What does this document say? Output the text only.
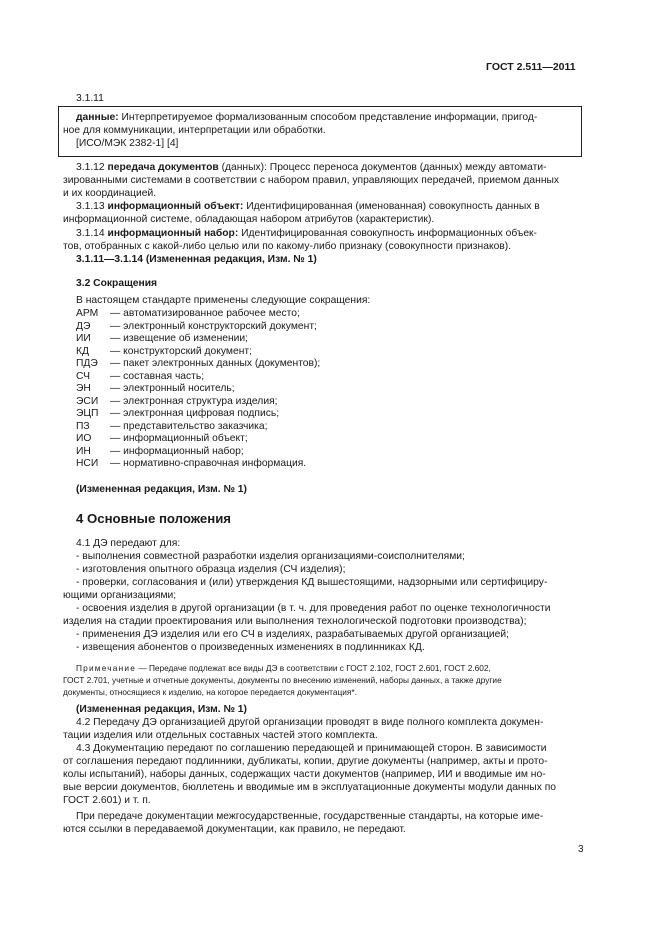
ГОСТ 2.511—2011
3.1.11
данные: Интерпретируемое формализованным способом представление информации, пригод-
ное для коммуникации, интерпретации или обработки.
[ИСО/МЭК 2382-1] [4]
3.1.12 передача документов (данных): Процесс переноса документов (данных) между автомати-
зированными системами в соответствии с набором правил, управляющих передачей, приемом данных
и их координацией.
3.1.13 информационный объект: Идентифицированная (именованная) совокупность данных в
информационной системе, обладающая набором атрибутов (характеристик).
3.1.14 информационный набор: Идентифицированная совокупность информационных объек-
тов, отобранных с какой-либо целью или по какому-либо признаку (совокупности признаков).
3.1.11—3.1.14 (Измененная редакция, Изм. № 1)
3.2 Сокращения
В настоящем стандарте применены следующие сокращения:
АРМ — автоматизированное рабочее место;
ДЭ — электронный конструкторский документ;
ИИ — извещение об изменении;
КД — конструкторский документ;
ПДЭ — пакет электронных данных (документов);
СЧ — составная часть;
ЭН — электронный носитель;
ЭСИ — электронная структура изделия;
ЭЦП — электронная цифровая подпись;
ПЗ — представительство заказчика;
ИО — информационный объект;
ИН — информационный набор;
НСИ — нормативно-справочная информация.
(Измененная редакция, Изм. № 1)
4 Основные положения
4.1 ДЭ передают для:
- выполнения совместной разработки изделия организациями-соисполнителями;
- изготовления опытного образца изделия (СЧ изделия);
- проверки, согласования и (или) утверждения КД вышестоящими, надзорными или сертифициру-
ющими организациями;
- освоения изделия в другой организации (в т. ч. для проведения работ по оценке технологичности
изделия на стадии проектирования или выполнения технологической подготовки производства);
- применения ДЭ изделия или его СЧ в изделиях, разрабатываемых другой организацией;
- извещения абонентов о произведенных изменениях в подлинниках КД.
Примечание — Передаче подлежат все виды ДЭ в соответствии с ГОСТ 2.102, ГОСТ 2.601, ГОСТ 2.602,
ГОСТ 2.701, учетные и отчетные документы, документы по внесению изменений, наборы данных, а также другие
документы, относящиеся к изделию, на которое передается документация*.
(Измененная редакция, Изм. № 1)
4.2 Передачу ДЭ организацией другой организации проводят в виде полного комплекта докумен-
тации изделия или отдельных составных частей этого комплекта.
4.3 Документацию передают по соглашению передающей и принимающей сторон. В зависимости
от соглашения передают подлинники, дубликаты, копии, другие документы (например, акты и прото-
колы испытаний), наборы данных, содержащих части документов (например, ИИ и вводимые им но-
вые версии документов, бюллетень и вводимые им в эксплуатационные документы модули данных по
ГОСТ 2.601) и т. п.
При передаче документации межгосударственные, государственные стандарты, на которые име-
ются ссылки в передаваемой документации, как правило, не передают.
3
